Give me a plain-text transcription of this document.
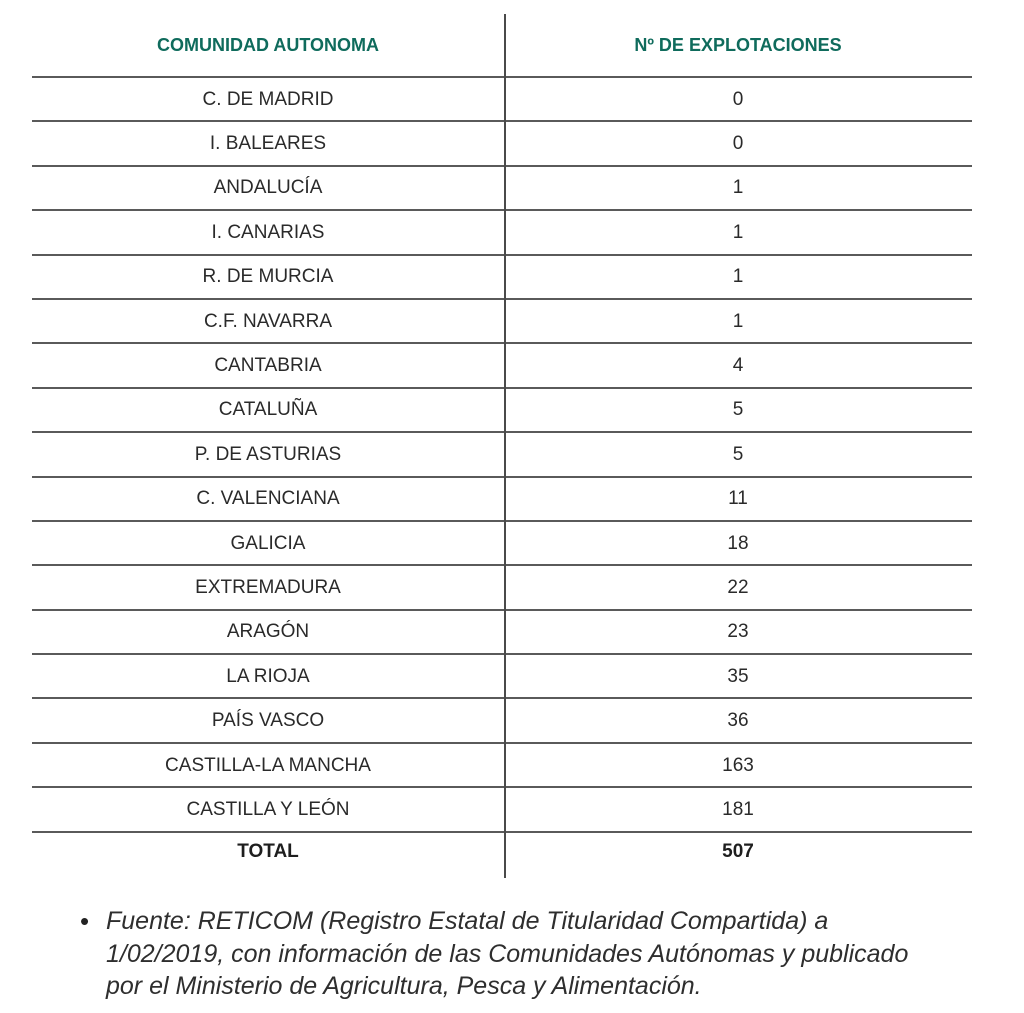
COMUNIDAD AUTONOMA	Nº DE EXPLOTACIONES
C. DE MADRID	0
I. BALEARES	0
ANDALUCÍA	1
I. CANARIAS	1
R. DE MURCIA	1
C.F. NAVARRA	1
CANTABRIA	4
CATALUÑA	5
P. DE ASTURIAS	5
C. VALENCIANA	11
GALICIA	18
EXTREMADURA	22
ARAGÓN	23
LA RIOJA	35
PAÍS VASCO	36
CASTILLA-LA MANCHA	163
CASTILLA Y LEÓN	181
TOTAL	507
• Fuente: RETICOM (Registro Estatal de Titularidad Compartida) a 1/02/2019, con información de las Comunidades Autónomas y publicado por el Ministerio de Agricultura, Pesca y Alimentación.
